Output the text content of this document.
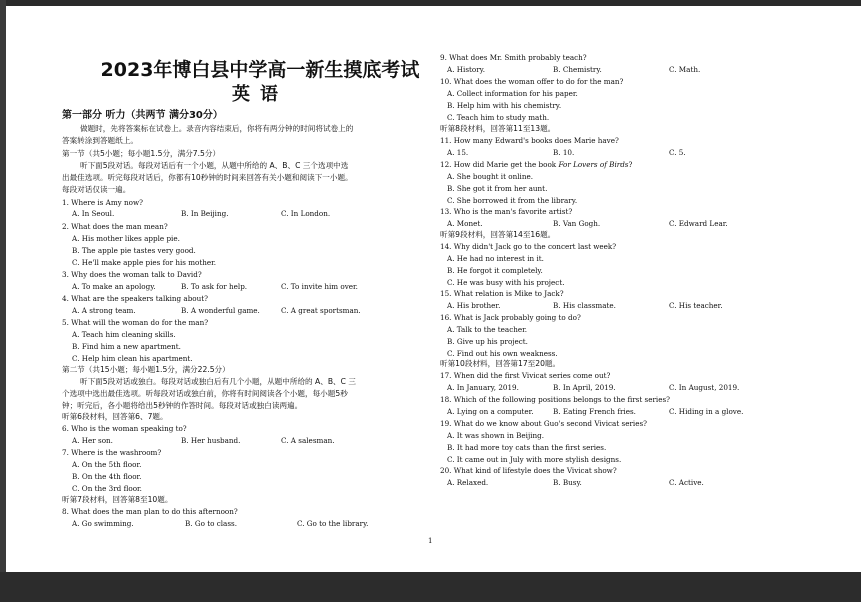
2023年博白县中学高一新生摸底考试
英语
第一部分 听力（共两节 满分30分）
做题时，先将答案标在试卷上。录音内容结束后，你将有两分钟的时间将试卷上的
答案转涂到答题纸上。
第一节（共5小题；每小题1.5分，满分7.5分）
听下面5段对话。每段对话后有一个小题，从题中所给的 A、B、C 三个选项中选
出最佳选项。听完每段对话后，你都有10秒钟的时间来回答有关小题和阅读下一小题。
每段对话仅读一遍。
1. Where is Amy now?
A. In Seoul.	B. In Beijing.	C. In London.
2. What does the man mean?
A. His mother likes apple pie.
B. The apple pie tastes very good.
C. He'll make apple pies for his mother.
3. Why does the woman talk to David?
A. To make an apology.	B. To ask for help.	C. To invite him over.
4. What are the speakers talking about?
A. A strong team.	B. A wonderful game.	C. A great sportsman.
5. What will the woman do for the man?
A. Teach him cleaning skills.
B. Find him a new apartment.
C. Help him clean his apartment.
第二节（共15小题；每小题1.5分，满分22.5分）
听下面5段对话或独白。每段对话或独白后有几个小题，从题中所给的 A、B、C 三
个选项中选出最佳选项。听每段对话或独白前，你将有时间阅读各个小题，每小题5秒
钟；听完后，各小题将给出5秒钟的作答时间。每段对话或独白读两遍。
听第6段材料，回答第6、7题。
6. Who is the woman speaking to?
A. Her son.	B. Her husband.	C. A salesman.
7. Where is the washroom?
A. On the 5th floor.
B. On the 4th floor.
C. On the 3rd floor.
听第7段材料，回答第8至10题。
8. What does the man plan to do this afternoon?
A. Go swimming.	B. Go to class.	C. Go to the library.
9. What does Mr. Smith probably teach?
A. History.	B. Chemistry.	C. Math.
10. What does the woman offer to do for the man?
A. Collect information for his paper.
B. Help him with his chemistry.
C. Teach him to study math.
听第8段材料，回答第11至13题。
11. How many Edward's books does Marie have?
A. 15.	B. 10.	C. 5.
12. How did Marie get the book For Lovers of Birds?
A. She bought it online.
B. She got it from her aunt.
C. She borrowed it from the library.
13. Who is the man's favorite artist?
A. Monet.	B. Van Gogh.	C. Edward Lear.
听第9段材料，回答第14至16题。
14. Why didn't Jack go to the concert last week?
A. He had no interest in it.
B. He forgot it completely.
C. He was busy with his project.
15. What relation is Mike to Jack?
A. His brother.	B. His classmate.	C. His teacher.
16. What is Jack probably going to do?
A. Talk to the teacher.
B. Give up his project.
C. Find out his own weakness.
听第10段材料，回答第17至20题。
17. When did the first Vivicat series come out?
A. In January, 2019.	B. In April, 2019.	C. In August, 2019.
18. Which of the following positions belongs to the first series?
A. Lying on a computer.	B. Eating French fries.	C. Hiding in a glove.
19. What do we know about Guo's second Vivicat series?
A. It was shown in Beijing.
B. It had more toy cats than the first series.
C. It came out in July with more stylish designs.
20. What kind of lifestyle does the Vivicat show?
A. Relaxed.	B. Busy.	C. Active.
1
